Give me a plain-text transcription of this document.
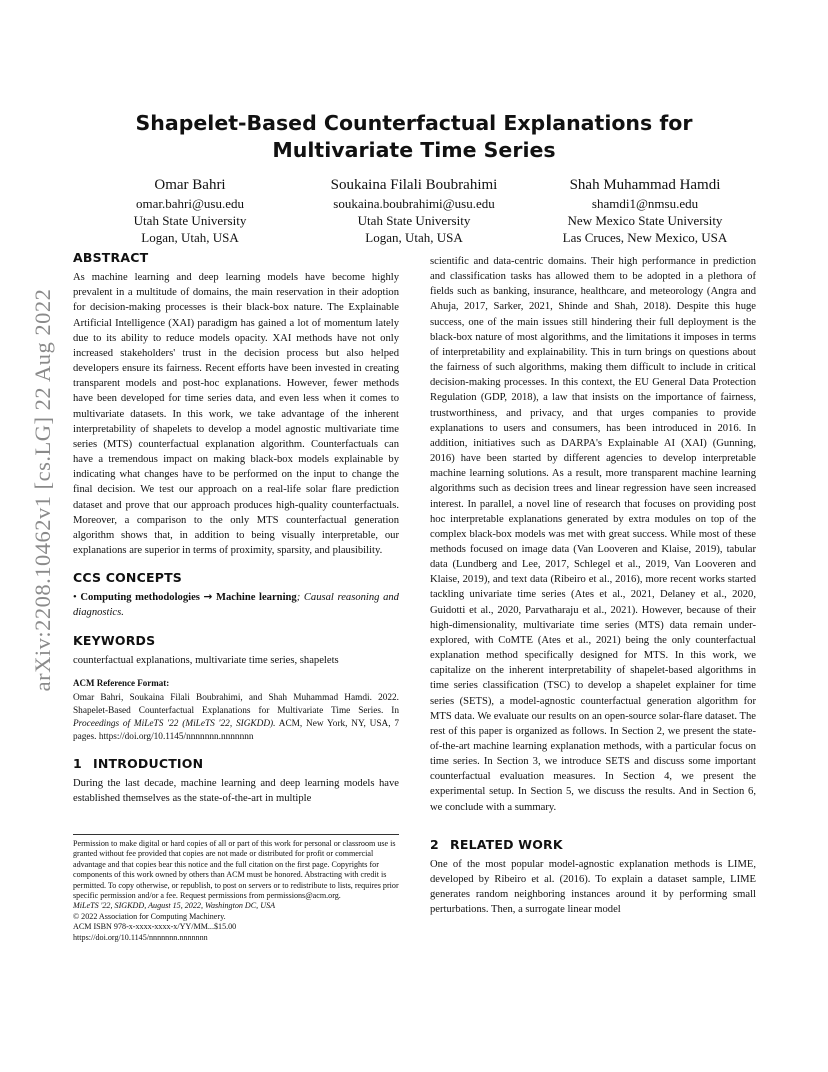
arXiv:2208.10462v1 [cs.LG] 22 Aug 2022
Shapelet-Based Counterfactual Explanations for Multivariate Time Series
Omar Bahri
omar.bahri@usu.edu
Utah State University
Logan, Utah, USA
Soukaina Filali Boubrahimi
soukaina.boubrahimi@usu.edu
Utah State University
Logan, Utah, USA
Shah Muhammad Hamdi
shamdi1@nmsu.edu
New Mexico State University
Las Cruces, New Mexico, USA
ABSTRACT

As machine learning and deep learning models have become highly prevalent in a multitude of domains, the main reservation in their adoption for decision-making processes is their black-box nature. The Explainable Artificial Intelligence (XAI) paradigm has gained a lot of momentum lately due to its ability to reduce models opacity. XAI methods have not only increased stakeholders' trust in the decision process but also helped developers ensure its fairness. Recent efforts have been invested in creating transparent models and post-hoc explanations. However, fewer methods have been developed for time series data, and even less when it comes to multivariate datasets. In this work, we take advantage of the inherent interpretability of shapelets to develop a model agnostic multivariate time series (MTS) counterfactual explanation algorithm. Counterfactuals can have a tremendous impact on making black-box models explainable by indicating what changes have to be performed on the input to change the final decision. We test our approach on a real-life solar flare prediction dataset and prove that our approach produces high-quality counterfactuals. Moreover, a comparison to the only MTS counterfactual generation algorithm shows that, in addition to being visually interpretable, our explanations are superior in terms of proximity, sparsity, and plausibility.

CCS CONCEPTS

• Computing methodologies → Machine learning; Causal reasoning and diagnostics.

KEYWORDS

counterfactual explanations, multivariate time series, shapelets

ACM Reference Format:
Omar Bahri, Soukaina Filali Boubrahimi, and Shah Muhammad Hamdi. 2022. Shapelet-Based Counterfactual Explanations for Multivariate Time Series. In Proceedings of MiLeTS '22 (MiLeTS '22, SIGKDD). ACM, New York, NY, USA, 7 pages. https://doi.org/10.1145/nnnnnnn.nnnnnnn
1 INTRODUCTION

During the last decade, machine learning and deep learning models have established themselves as the state-of-the-art in multiple

Permission to make digital or hard copies of all or part of this work for personal or classroom use is granted without fee provided that copies are not made or distributed for profit or commercial advantage and that copies bear this notice and the full citation on the first page. Copyrights for components of this work owned by others than ACM must be honored. Abstracting with credit is permitted. To copy otherwise, or republish, to post on servers or to redistribute to lists, requires prior specific permission and/or a fee. Request permissions from permissions@acm.org.
MiLeTS '22, SIGKDD, August 15, 2022, Washington DC, USA
© 2022 Association for Computing Machinery.
ACM ISBN 978-x-xxxx-xxxx-x/YY/MM...$15.00
https://doi.org/10.1145/nnnnnnn.nnnnnnn

scientific and data-centric domains. Their high performance in prediction and classification tasks has allowed them to be adopted in a plethora of fields such as banking, insurance, healthcare, and meteorology (Angra and Ahuja, 2017, Sarker, 2021, Shinde and Shah, 2018). Despite this huge success, one of the main issues still hindering their full deployment is the black-box nature of most algorithms, and the limitations it imposes in terms of interpretability and explainability. This in turn brings on questions about the fairness of such algorithms, making them difficult to include in critical decision-making processes. In this context, the EU General Data Protection Regulation (GDP, 2018), a law that insists on the importance of fairness, trustworthiness, and privacy, and that urges companies to provide explanations to users and consumers, has been introduced in 2016. In addition, initiatives such as DARPA's Explainable AI (XAI) (Gunning, 2016) have been started by different agencies to develop interpretable machine learning solutions. As a result, more transparent machine learning algorithms such as decision trees and linear regression have seen increased interest. In parallel, a novel line of research that focuses on providing post hoc interpretable explanations generated by extra modules on top of the complex black-box models was met with great success. While most of these methods focused on image data (Van Looveren and Klaise, 2019), tabular data (Lundberg and Lee, 2017, Schlegel et al., 2019, Van Looveren and Klaise, 2019), and text data (Ribeiro et al., 2016), more recent works started tackling univariate time series (Ates et al., 2021, Delaney et al., 2020, Guidotti et al., 2020, Parvatharaju et al., 2021). However, because of their high-dimensionality, multivariate time series (MTS) data remain under-explored, with CoMTE (Ates et al., 2021) being the only counterfactual explanation method specifically designed for MTS. In this work, we capitalize on the inherent interpretability of shapelet-based algorithms in time series classification (TSC) to develop a shapelet explainer for time series (SETS), a model-agnostic counterfactual generation algorithm for MTS data. We evaluate our results on an open-source solar-flare dataset. The rest of this paper is organized as follows. In Section 2, we present the state-of-the-art machine learning explanation methods, with a particular focus on time series. In Section 3, we introduce SETS and discuss some important counterfactual evaluation measures. In Section 4, we present the experimental setup. In Section 5, we discuss the results. And in Section 6, we conclude with a summary.

2 RELATED WORK

One of the most popular model-agnostic explanation methods is LIME, developed by Ribeiro et al. (2016). To explain a dataset sample, LIME generates random neighboring instances around it by performing small perturbations. Then, a surrogate linear model
